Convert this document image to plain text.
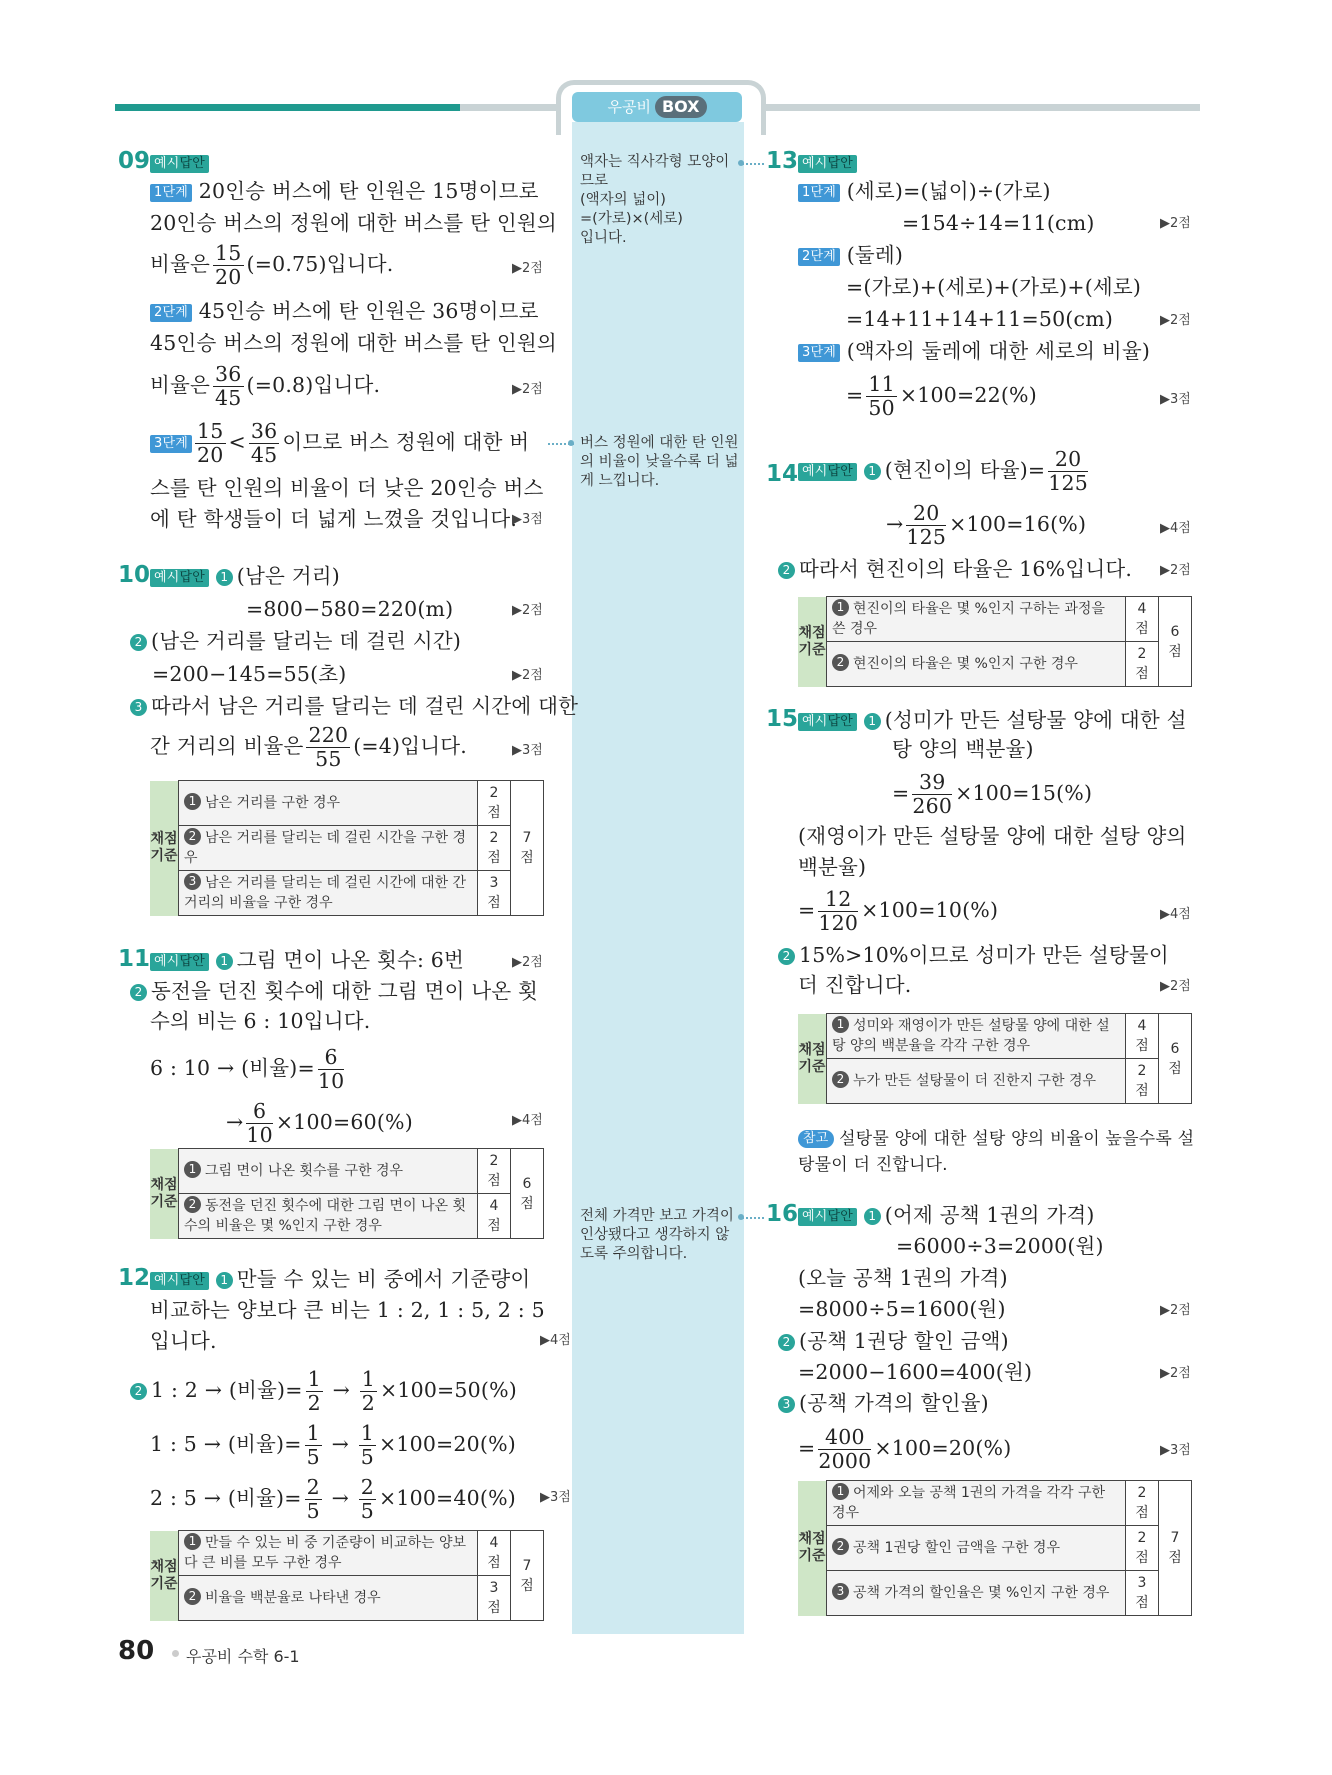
우공비 BOX
액자는 직사각형 모양이므로
(액자의 넓이)
=(가로)×(세로)
입니다.
버스 정원에 대한 탄 인원의 비율이 낮을수록 더 넓게 느낍니다.
전체 가격만 보고 가격이 인상됐다고 생각하지 않도록 주의합니다.
09 예시답안
1단계 20인승 버스에 탄 인원은 15명이므로
20인승 버스의 정원에 대한 버스를 탄 인원의
비율은 $\frac{15}{20} (=0.75)$입니다.	▶2점
2단계 45인승 버스에 탄 인원은 36명이므로
45인승 버스의 정원에 대한 버스를 탄 인원의
비율은 $\frac{36}{45} (=0.8)$입니다.	▶2점
3단계 $\frac{15}{20} < \frac{36}{45}$ 이므로 버스 정원에 대한 버
스를 탄 인원의 비율이 더 낮은 20인승 버스
에 탄 학생들이 더 넓게 느꼈을 것입니다.
▶3점
10 예시답안 1 (남은 거리)
=800−580=220(m)	▶2점
2 (남은 거리를 달리는 데 걸린 시간)
=200−145=55(초)	▶2점
3 따라서 남은 거리를 달리는 데 걸린 시간에 대한
간 거리의 비율은 $\frac{220}{55} (=4)$입니다.	▶3점
채점
기준	1 남은 거리를 구한 경우	2점	7점
	2 남은 거리를 달리는 데 걸린 시간을 구한 경우	2점	
	3 남은 거리를 달리는 데 걸린 시간에 대한 간 거리의 비율을 구한 경우	3점	
11 예시답안 1 그림 면이 나온 횟수: 6번	▶2점
2 동전을 던진 횟수에 대한 그림 면이 나온 횟
수의 비는 6 : 10입니다.
6 : 10 → (비율)= $\frac{6}{10}$
→ $\frac{6}{10} \times 100=60(\%)$	▶4점
채점
기준	1 그림 면이 나온 횟수를 구한 경우	2점	6점
	2 동전을 던진 횟수에 대한 그림 면이 나온 횟수의 비율은 몇 %인지 구한 경우	4점	
12 예시답안 1 만들 수 있는 비 중에서 기준량이
비교하는 양보다 큰 비는 1 : 2, 1 : 5, 2 : 5
입니다.	▶4점
2 1 : 2 → (비율)= $\frac{1}{2} \to \frac{1}{2} \times 100=50(\%)$
1 : 5 → (비율)= $\frac{1}{5} \to \frac{1}{5} \times 100=20(\%)$
2 : 5 → (비율)= $\frac{2}{5} \to \frac{2}{5} \times 100=40(\%)$ ▶3점
채점
기준	1 만들 수 있는 비 중 기준량이 비교하는 양보다 큰 비를 모두 구한 경우	4점	7점
	2 비율을 백분율로 나타낸 경우	3점	
13 예시답안
1단계 (세로)=(넓이)÷(가로)
=154÷14=11(cm)	▶2점
2단계 (둘레)
=(가로)+(세로)+(가로)+(세로)
=14+11+14+11=50(cm)	▶2점
3단계 (액자의 둘레에 대한 세로의 비율)
= $\frac{11}{50} \times 100=22(\%)$	▶3점
14 예시답안 1 (현진이의 타율)= $\frac{20}{125}$
→ $\frac{20}{125} \times 100=16(\%)$	▶4점
2 따라서 현진이의 타율은 16%입니다. ▶2점
채점
기준	1 현진이의 타율은 몇 %인지 구하는 과정을 쓴 경우	4점	6점
	2 현진이의 타율은 몇 %인지 구한 경우	2점	
15 예시답안 1 (성미가 만든 설탕물 양에 대한 설
탕 양의 백분율)
= $\frac{39}{260} \times 100=15(\%)$
(재영이가 만든 설탕물 양에 대한 설탕 양의
백분율)
= $\frac{12}{120} \times 100=10(\%)$	▶4점
2 15%>10%이므로 성미가 만든 설탕물이
더 진합니다.	▶2점
채점
기준	1 성미와 재영이가 만든 설탕물 양에 대한 설탕 양의 백분율을 각각 구한 경우	4점	6점
	2 누가 만든 설탕물이 더 진한지 구한 경우	2점	
참고 설탕물 양에 대한 설탕 양의 비율이 높을수록 설
탕물이 더 진합니다.
16 예시답안 1 (어제 공책 1권의 가격)
=6000÷3=2000(원)
(오늘 공책 1권의 가격)
=8000÷5=1600(원)	▶2점
2 (공책 1권당 할인 금액)
=2000−1600=400(원)	▶2점
3 (공책 가격의 할인율)
= $\frac{400}{2000} \times 100=20(\%)$	▶3점
채점
기준	1 어제와 오늘 공책 1권의 가격을 각각 구한 경우	2점	7점
	2 공책 1권당 할인 금액을 구한 경우	2점	
	3 공책 가격의 할인율은 몇 %인지 구한 경우	3점	
80 우공비 수학 6-1
